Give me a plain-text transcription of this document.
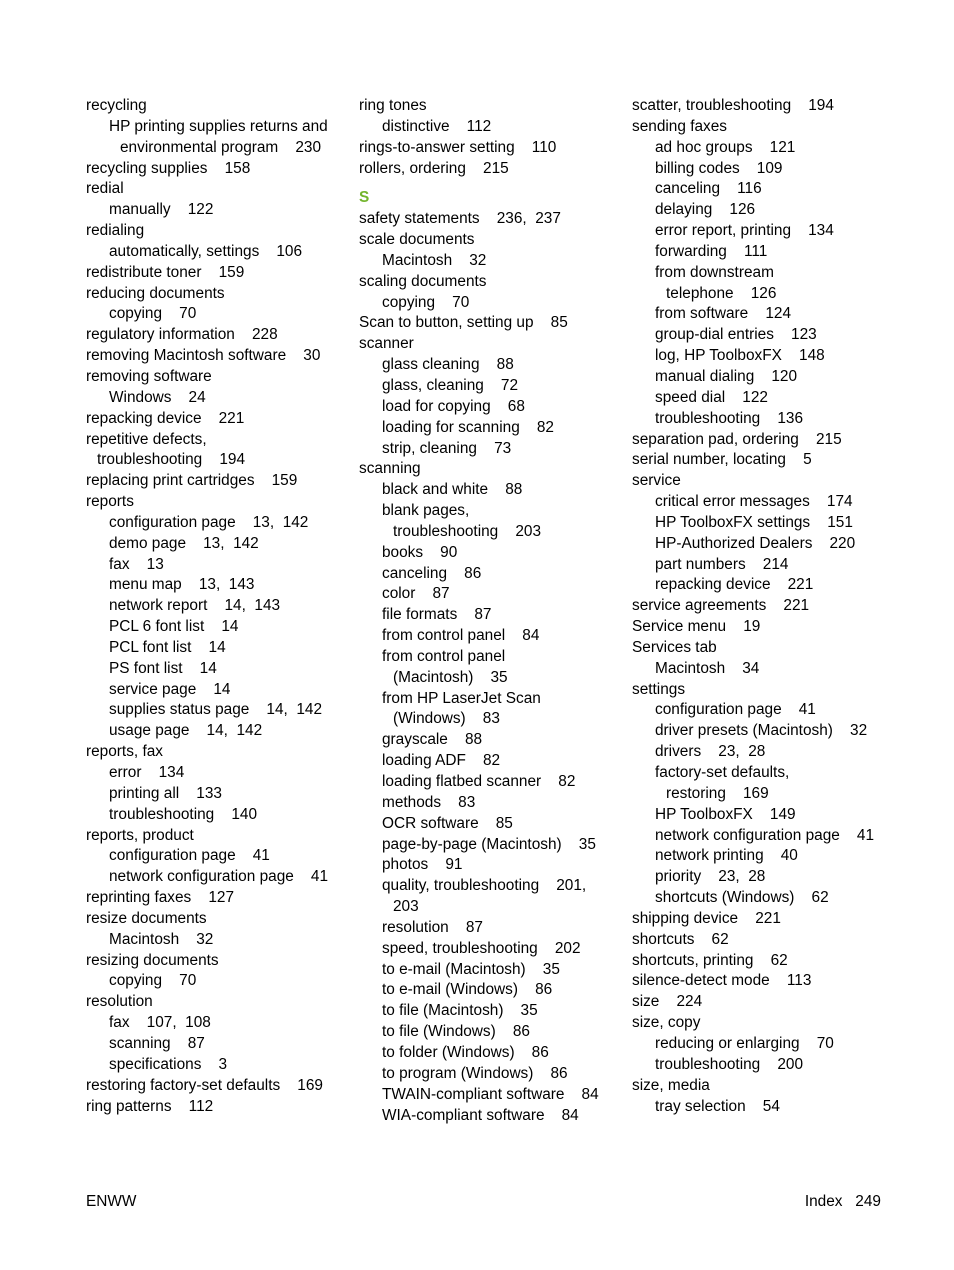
recycling
HP printing supplies returns and
environmental program    230
recycling supplies    158
redial
manually    122
redialing
automatically, settings    106
redistribute toner    159
reducing documents
copying    70
regulatory information    228
removing Macintosh software    30
removing software
Windows    24
repacking device    221
repetitive defects,
troubleshooting    194
replacing print cartridges    159
reports
configuration page    13,  142
demo page    13,  142
fax    13
menu map    13,  143
network report    14,  143
PCL 6 font list    14
PCL font list    14
PS font list    14
service page    14
supplies status page    14,  142
usage page    14,  142
reports, fax
error    134
printing all    133
troubleshooting    140
reports, product
configuration page    41
network configuration page    41
reprinting faxes    127
resize documents
Macintosh    32
resizing documents
copying    70
resolution
fax    107,  108
scanning    87
specifications    3
restoring factory-set defaults    169
ring patterns    112
ring tones
distinctive    112
rings-to-answer setting    110
rollers, ordering    215
S
safety statements    236,  237
scale documents
Macintosh    32
scaling documents
copying    70
Scan to button, setting up    85
scanner
glass cleaning    88
glass, cleaning    72
load for copying    68
loading for scanning    82
strip, cleaning    73
scanning
black and white    88
blank pages,
troubleshooting    203
books    90
canceling    86
color    87
file formats    87
from control panel    84
from control panel
(Macintosh)    35
from HP LaserJet Scan
(Windows)    83
grayscale    88
loading ADF    82
loading flatbed scanner    82
methods    83
OCR software    85
page-by-page (Macintosh)    35
photos    91
quality, troubleshooting    201,
203
resolution    87
speed, troubleshooting    202
to e-mail (Macintosh)    35
to e-mail (Windows)    86
to file (Macintosh)    35
to file (Windows)    86
to folder (Windows)    86
to program (Windows)    86
TWAIN-compliant software    84
WIA-compliant software    84
scatter, troubleshooting    194
sending faxes
ad hoc groups    121
billing codes    109
canceling    116
delaying    126
error report, printing    134
forwarding    111
from downstream
telephone    126
from software    124
group-dial entries    123
log, HP ToolboxFX    148
manual dialing    120
speed dial    122
troubleshooting    136
separation pad, ordering    215
serial number, locating    5
service
critical error messages    174
HP ToolboxFX settings    151
HP-Authorized Dealers    220
part numbers    214
repacking device    221
service agreements    221
Service menu    19
Services tab
Macintosh    34
settings
configuration page    41
driver presets (Macintosh)    32
drivers    23,  28
factory-set defaults,
restoring    169
HP ToolboxFX    149
network configuration page    41
network printing    40
priority    23,  28
shortcuts (Windows)    62
shipping device    221
shortcuts    62
shortcuts, printing    62
silence-detect mode    113
size    224
size, copy
reducing or enlarging    70
troubleshooting    200
size, media
tray selection    54
ENWW	Index   249
